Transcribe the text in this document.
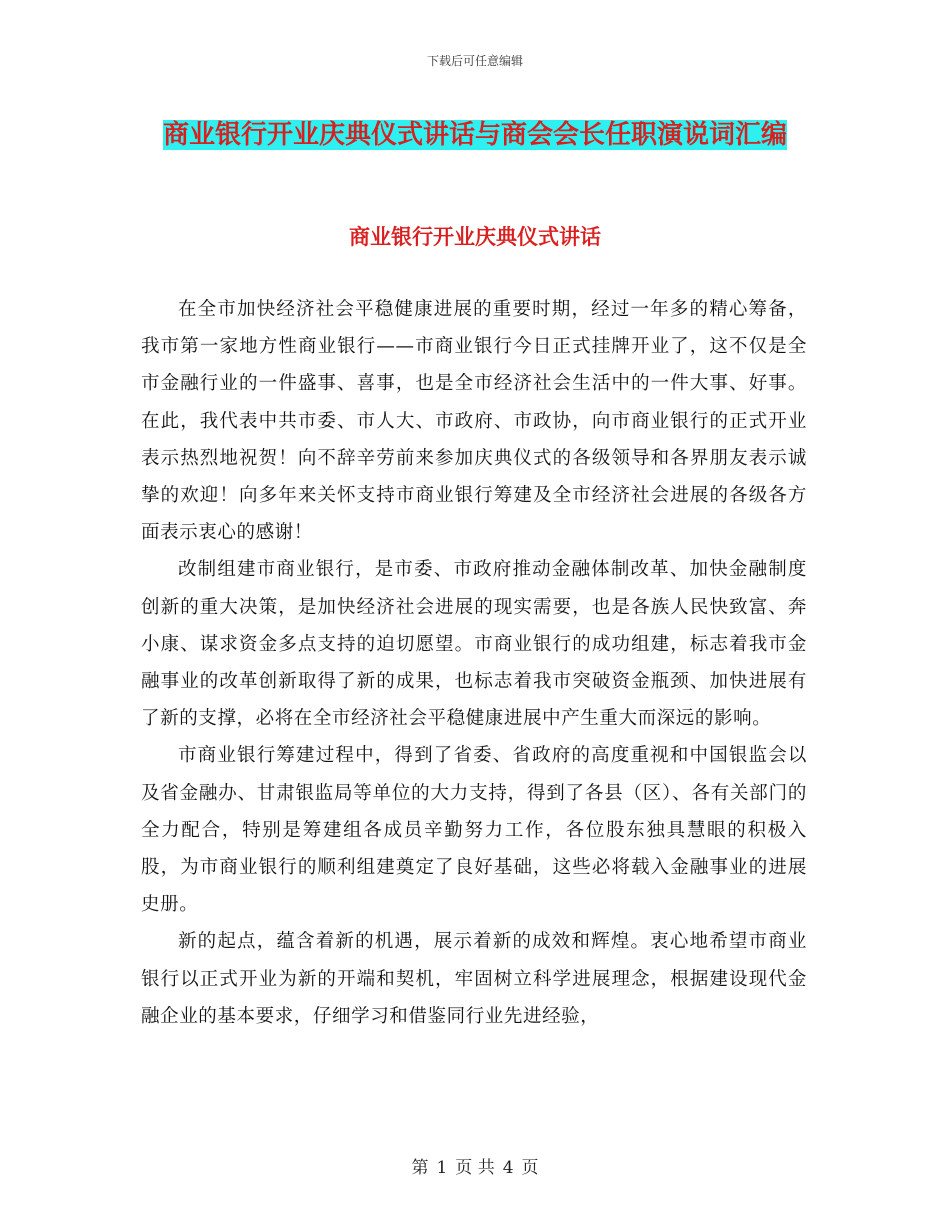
下载后可任意编辑
商业银行开业庆典仪式讲话与商会会长任职演说词汇编
商业银行开业庆典仪式讲话

在全市加快经济社会平稳健康进展的重要时期，经过一年多的精心筹备，我市第一家地方性商业银行——市商业银行今日正式挂牌开业了，这不仅是全市金融行业的一件盛事、喜事，也是全市经济社会生活中的一件大事、好事。在此，我代表中共市委、市人大、市政府、市政协，向市商业银行的正式开业表示热烈地祝贺！向不辞辛劳前来参加庆典仪式的各级领导和各界朋友表示诚挚的欢迎！向多年来关怀支持市商业银行筹建及全市经济社会进展的各级各方面表示衷心的感谢！

改制组建市商业银行，是市委、市政府推动金融体制改革、加快金融制度创新的重大决策，是加快经济社会进展的现实需要，也是各族人民快致富、奔小康、谋求资金多点支持的迫切愿望。市商业银行的成功组建，标志着我市金融事业的改革创新取得了新的成果，也标志着我市突破资金瓶颈、加快进展有了新的支撑，必将在全市经济社会平稳健康进展中产生重大而深远的影响。

市商业银行筹建过程中，得到了省委、省政府的高度重视和中国银监会以及省金融办、甘肃银监局等单位的大力支持，得到了各县（区）、各有关部门的全力配合，特别是筹建组各成员辛勤努力工作，各位股东独具慧眼的积极入股，为市商业银行的顺利组建奠定了良好基础，这些必将载入金融事业的进展史册。

新的起点，蕴含着新的机遇，展示着新的成效和辉煌。衷心地希望市商业银行以正式开业为新的开端和契机，牢固树立科学进展理念，根据建设现代金融企业的基本要求，仔细学习和借鉴同行业先进经验，

第 1 页 共 4 页
